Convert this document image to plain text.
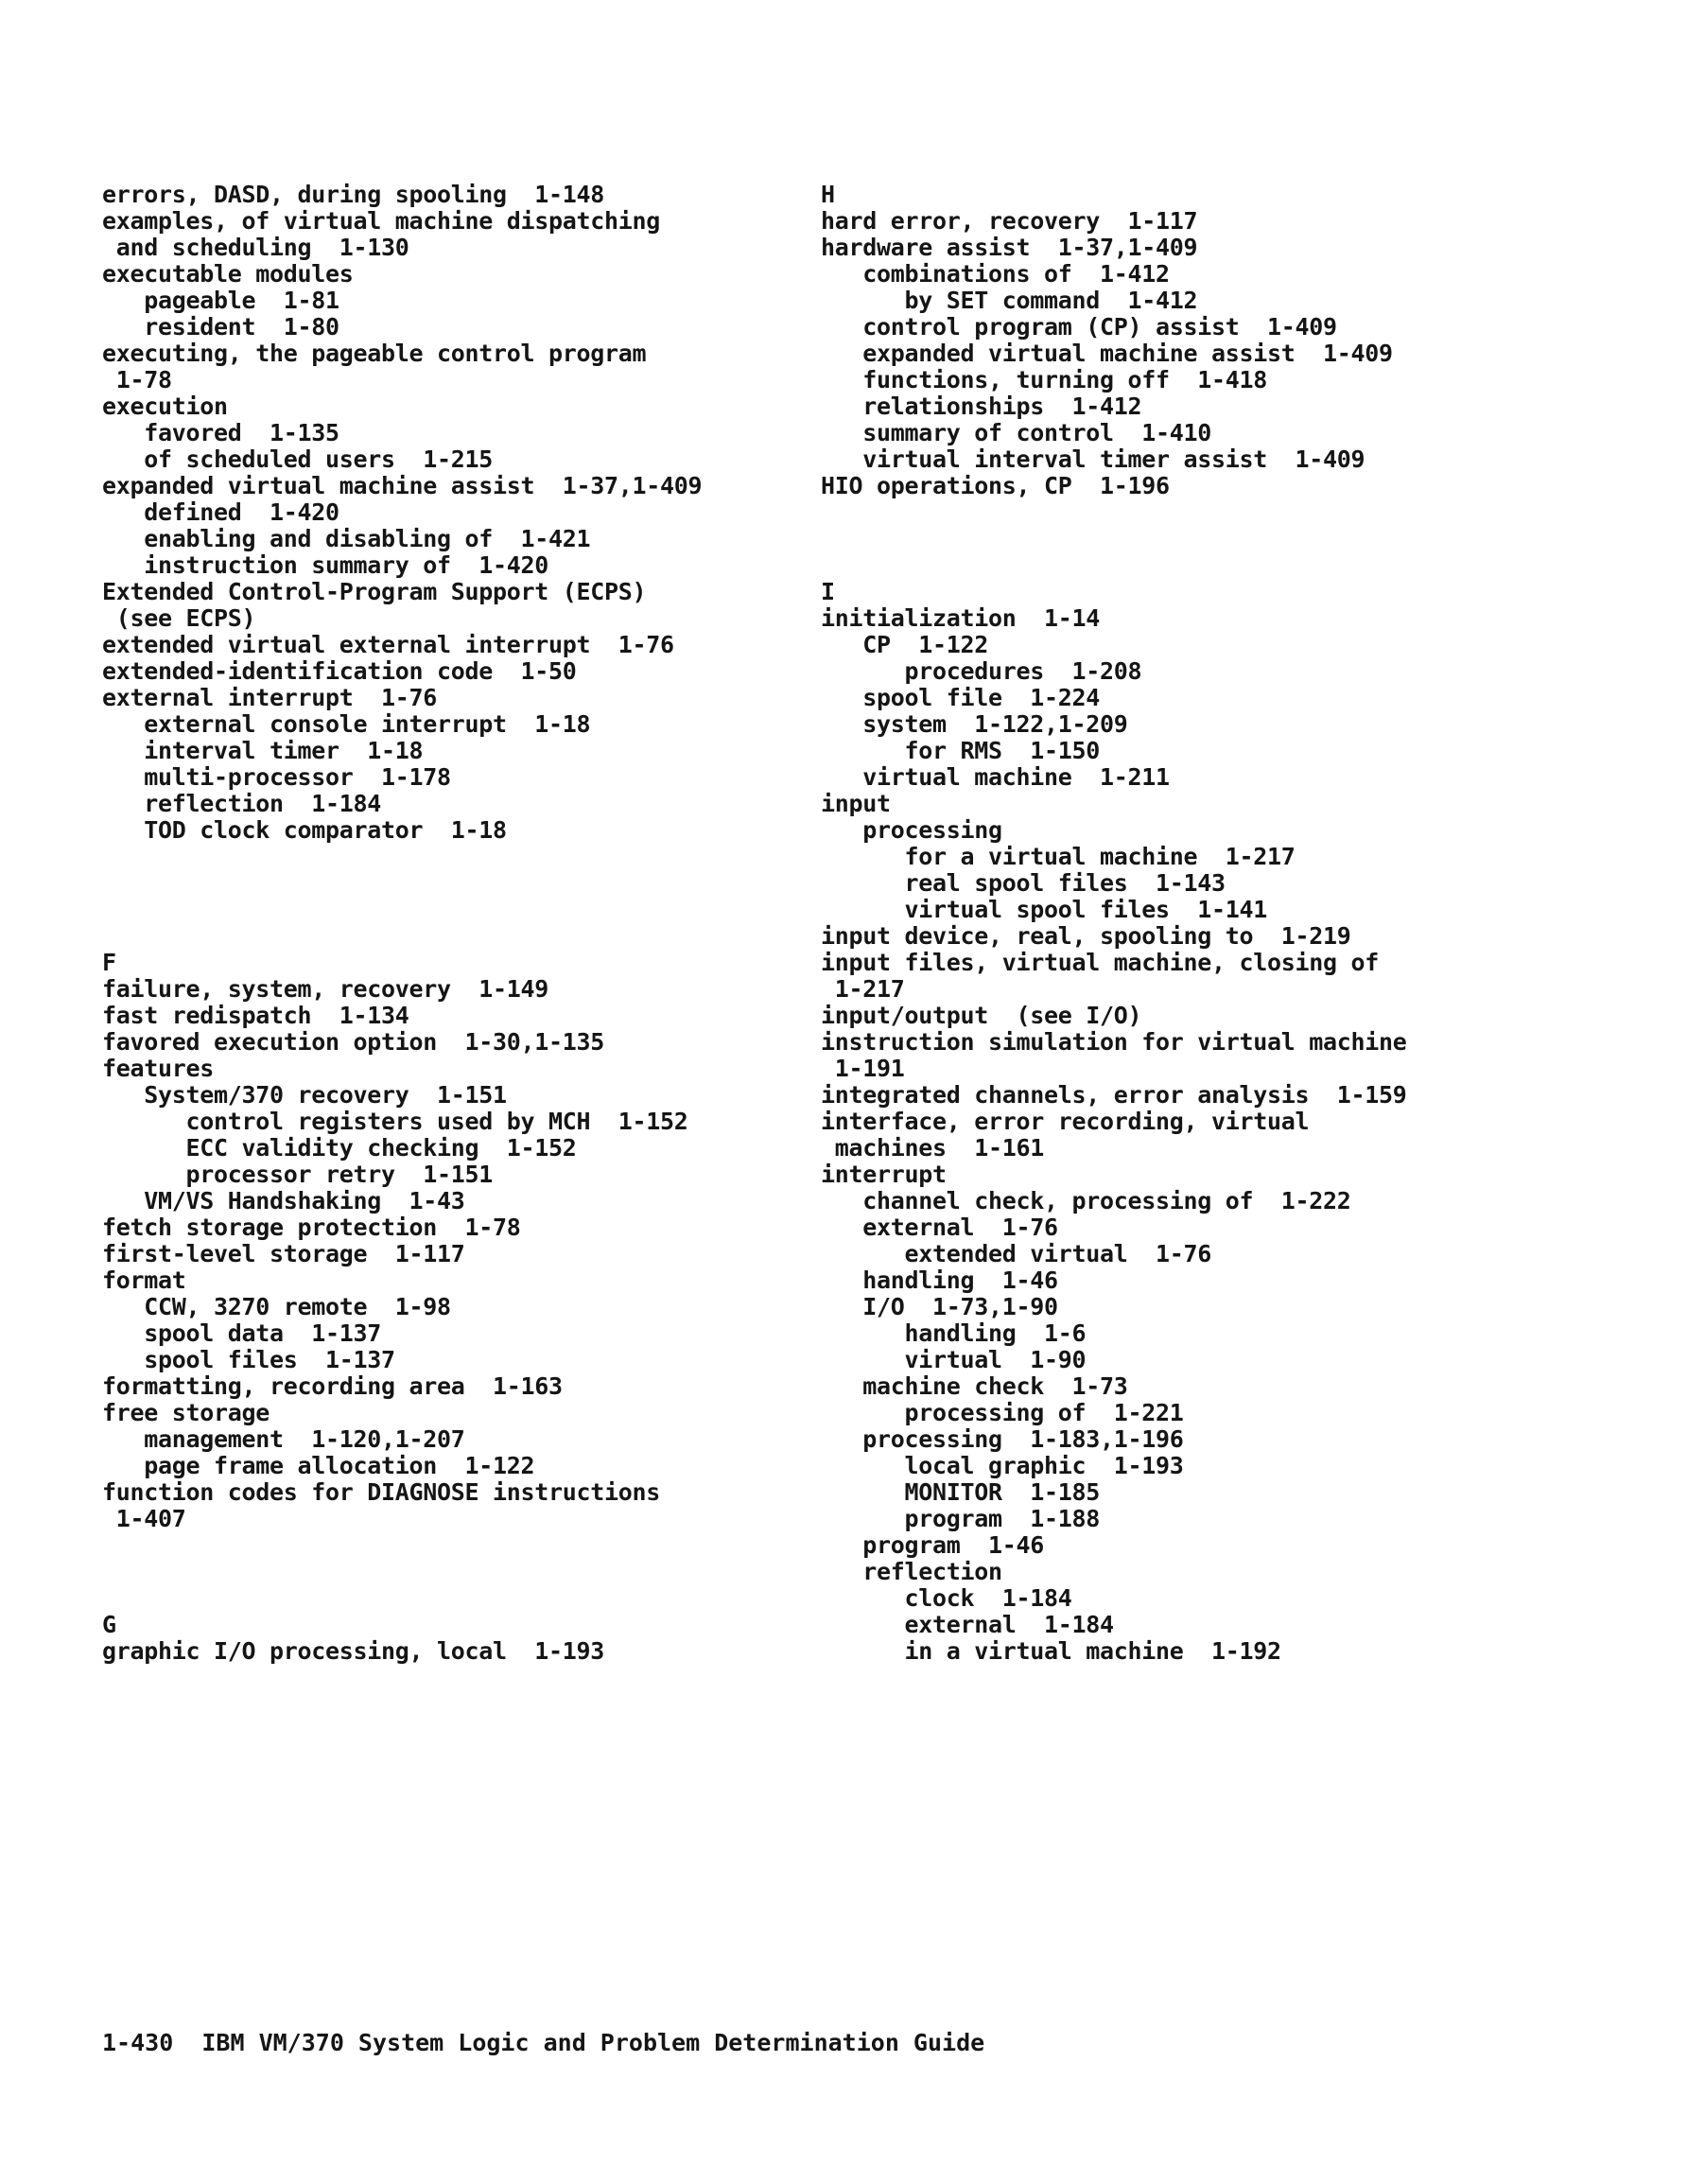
errors, DASD, during spooling  1-148
examples, of virtual machine dispatching
and scheduling  1-130
executable modules
pageable  1-81
resident  1-80
executing, the pageable control program
1-78
execution
favored  1-135
of scheduled users  1-215
expanded virtual machine assist  1-37,1-409
defined  1-420
enabling and disabling of  1-421
instruction summary of  1-420
Extended Control-Program Support (ECPS)
(see ECPS)
extended virtual external interrupt  1-76
extended-identification code  1-50
external interrupt  1-76
external console interrupt  1-18
interval timer  1-18
multi-processor  1-178
reflection  1-184
TOD clock comparator  1-18
F
failure, system, recovery  1-149
fast redispatch  1-134
favored execution option  1-30,1-135
features
System/370 recovery  1-151
control registers used by MCH  1-152
ECC validity checking  1-152
processor retry  1-151
VM/VS Handshaking  1-43
fetch storage protection  1-78
first-level storage  1-117
format
CCW, 3270 remote  1-98
spool data  1-137
spool files  1-137
formatting, recording area  1-163
free storage
management  1-120,1-207
page frame allocation  1-122
function codes for DIAGNOSE instructions
1-407
G
graphic I/O processing, local  1-193
H
hard error, recovery  1-117
hardware assist  1-37,1-409
combinations of  1-412
by SET command  1-412
control program (CP) assist  1-409
expanded virtual machine assist  1-409
functions, turning off  1-418
relationships  1-412
summary of control  1-410
virtual interval timer assist  1-409
HIO operations, CP  1-196
I
initialization  1-14
CP  1-122
procedures  1-208
spool file  1-224
system  1-122,1-209
for RMS  1-150
virtual machine  1-211
input
processing
for a virtual machine  1-217
real spool files  1-143
virtual spool files  1-141
input device, real, spooling to  1-219
input files, virtual machine, closing of
1-217
input/output  (see I/O)
instruction simulation for virtual machine
1-191
integrated channels, error analysis  1-159
interface, error recording, virtual
machines  1-161
interrupt
channel check, processing of  1-222
external  1-76
extended virtual  1-76
handling  1-46
I/O  1-73,1-90
handling  1-6
virtual  1-90
machine check  1-73
processing of  1-221
processing  1-183,1-196
local graphic  1-193
MONITOR  1-185
program  1-188
program  1-46
reflection
clock  1-184
external  1-184
in a virtual machine  1-192
1-430  IBM VM/370 System Logic and Problem Determination Guide
